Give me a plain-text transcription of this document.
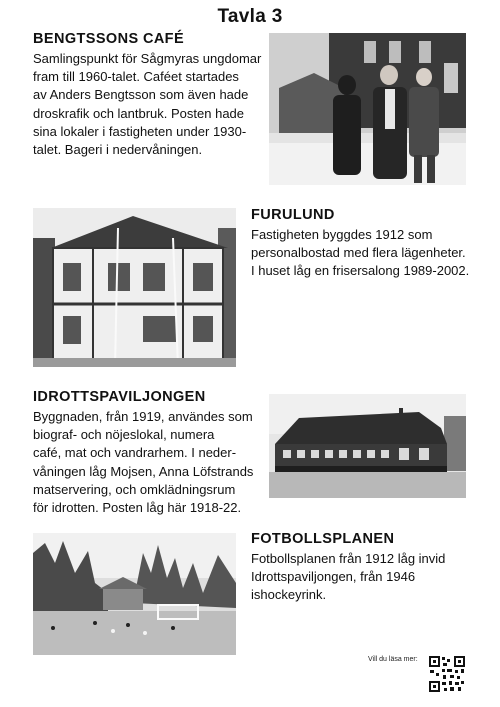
Tavla 3
BENGTSSONS CAFÉ
Samlingspunkt för Sågmyras ungdomar
fram till 1960-talet. Caféet startades
av Anders Bengtsson som även hade
droskrafik och lantbruk. Posten hade
sina lokaler i fastigheten under 1930-
talet. Bageri i nedervåningen.
FURULUND
Fastigheten byggdes 1912 som
personalbostad med flera lägenheter.
I huset låg en frisersalong 1989-2002.
IDROTTSPAVILJONGEN
Byggnaden, från 1919, användes som
biograf- och nöjeslokal, numera
café, mat och vandrarhem. I neder-
våningen låg Mojsen, Anna Löfstrands
matservering, och omklädningsrum
för idrotten. Posten låg här 1918-22.
FOTBOLLSPLANEN
Fotbollsplanen från 1912 låg invid
Idrottspaviljongen, från 1946
ishockeyrink.
Vill du läsa mer:
